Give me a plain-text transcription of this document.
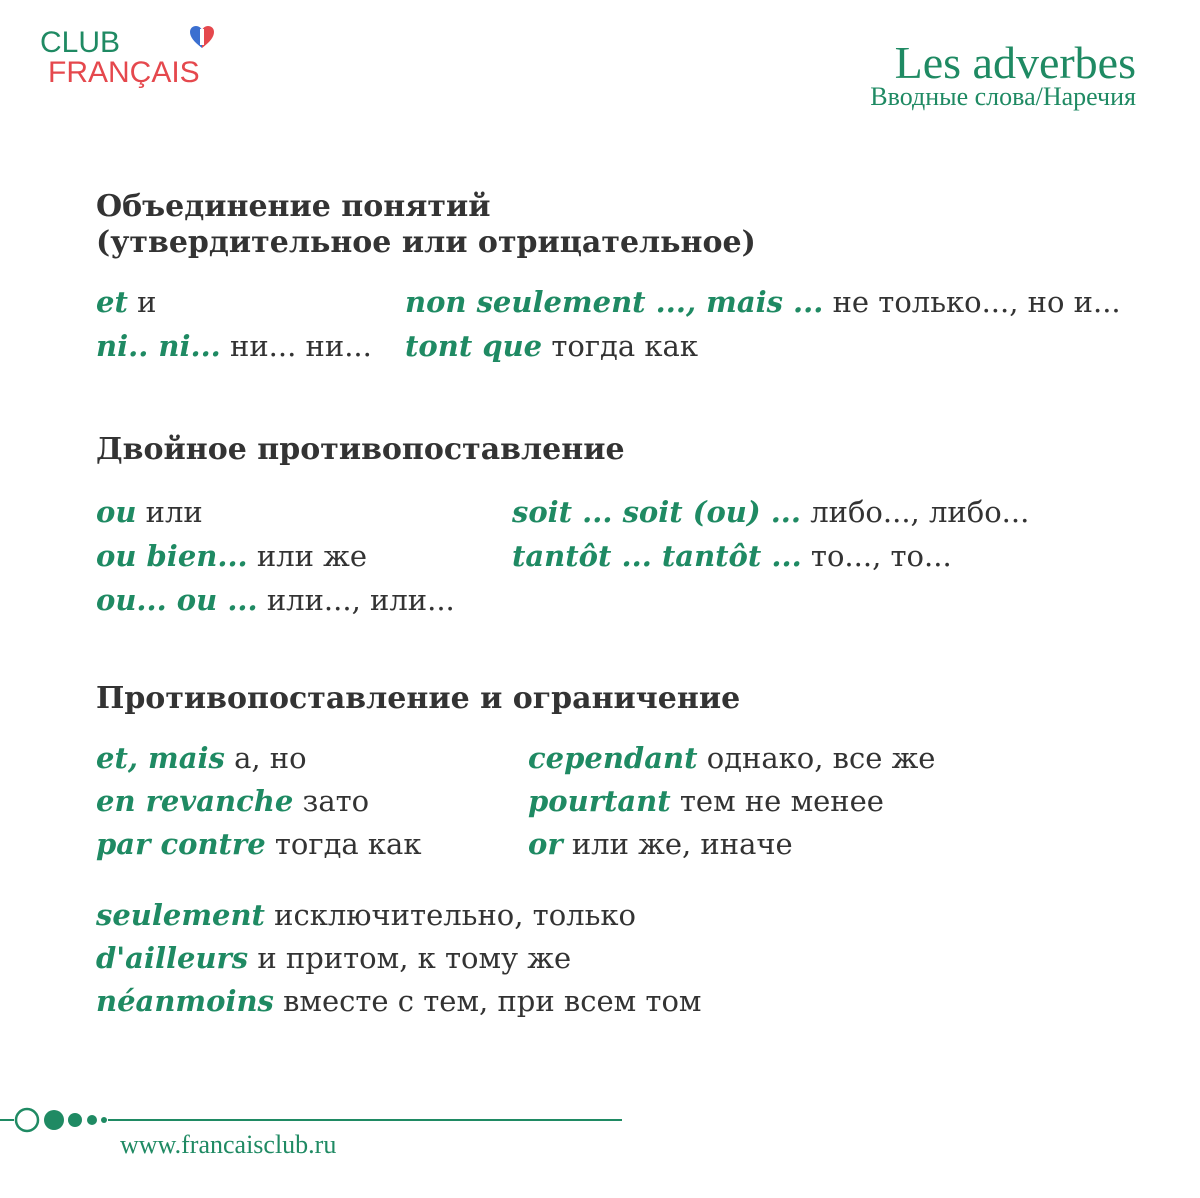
CLUB
FRANÇAIS	Les adverbes
Вводные слова/Наречия
Объединение понятий
(утвердительное или отрицательное)
et и
ni.. ni... ни... ни...
non seulement ..., mais ... не только..., но и...
tont que тогда как
Двойное противопоставление
ou или
ou bien... или же
ou... ou ... или..., или...
soit ... soit (ou) ... либо..., либо...
tantôt ... tantôt ... то..., то...
Противопоставление и ограничение
et, mais а, но
en revanche зато
par contre тогда как
cependant однако, все же
pourtant тем не менее
or или же, иначе
seulement исключительно, только
d'ailleurs и притом, к тому же
néanmoins вместе с тем, при всем том
www.francaisclub.ru
